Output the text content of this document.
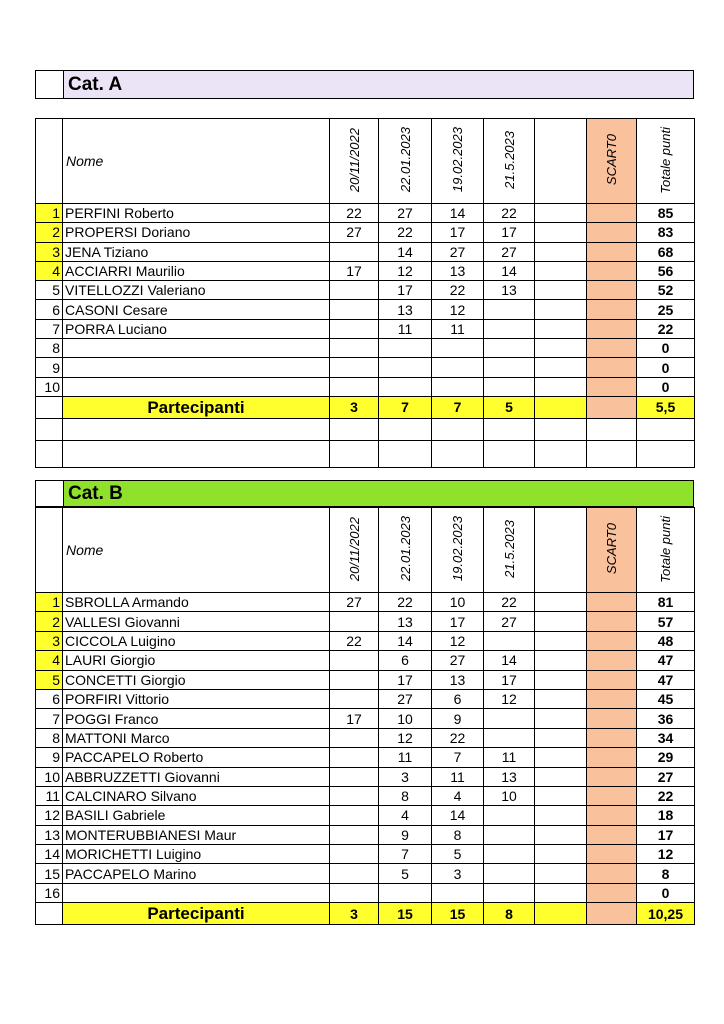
Cat. A
	Nome	20/11/2022	22.01.2023	19.02.2023	21.5.2023		SCART0	Totale punti
1	PERFINI Roberto	22	27	14	22			85
2	PROPERSI Doriano	27	22	17	17			83
3	JENA Tiziano		14	27	27			68
4	ACCIARRI Maurilio	17	12	13	14			56
5	VITELLOZZI Valeriano		17	22	13			52
6	CASONI Cesare		13	12				25
7	PORRA Luciano		11	11				22
8								0
9								0
10								0
	Partecipanti	3	7	7	5			5,5

Cat. B
	Nome	20/11/2022	22.01.2023	19.02.2023	21.5.2023		SCART0	Totale punti
1	SBROLLA Armando	27	22	10	22			81
2	VALLESI Giovanni		13	17	27			57
3	CICCOLA Luigino	22	14	12				48
4	LAURI Giorgio		6	27	14			47
5	CONCETTI Giorgio		17	13	17			47
6	PORFIRI Vittorio		27	6	12			45
7	POGGI Franco	17	10	9				36
8	MATTONI Marco		12	22				34
9	PACCAPELO Roberto		11	7	11			29
10	ABBRUZZETTI Giovanni		3	11	13			27
11	CALCINARO Silvano		8	4	10			22
12	BASILI Gabriele		4	14				18
13	MONTERUBBIANESI Maur		9	8				17
14	MORICHETTI Luigino		7	5				12
15	PACCAPELO Marino		5	3				8
16								0
	Partecipanti	3	15	15	8			10,25
